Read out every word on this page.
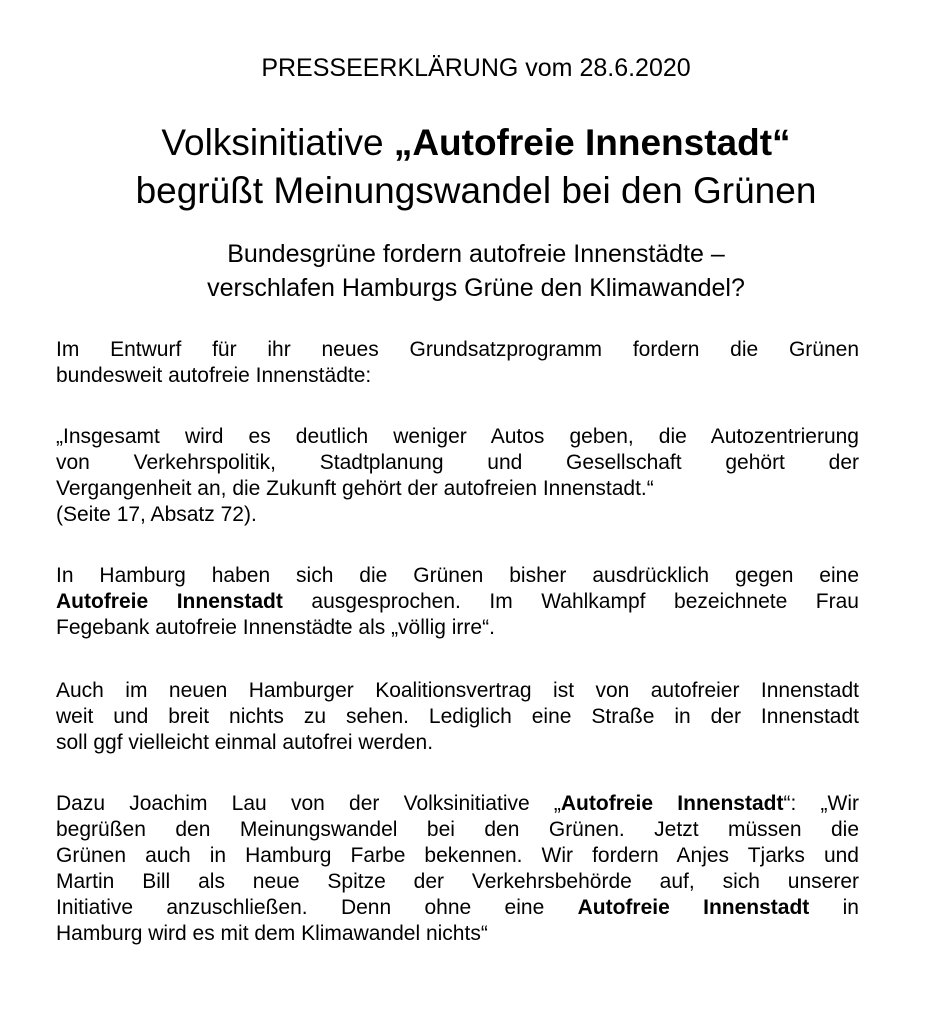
PRESSEERKLÄRUNG vom 28.6.2020
Volksinitiative „Autofreie Innenstadt“
begrüßt Meinungswandel bei den Grünen
Bundesgrüne fordern autofreie Innenstädte –
verschlafen Hamburgs Grüne den Klimawandel?
Im Entwurf für ihr neues Grundsatzprogramm fordern die Grünen
bundesweit autofreie Innenstädte:
„Insgesamt wird es deutlich weniger Autos geben, die Autozentrierung
von Verkehrspolitik, Stadtplanung und Gesellschaft gehört der
Vergangenheit an, die Zukunft gehört der autofreien Innenstadt.“
(Seite 17, Absatz 72).
In Hamburg haben sich die Grünen bisher ausdrücklich gegen eine
Autofreie Innenstadt ausgesprochen. Im Wahlkampf bezeichnete Frau
Fegebank autofreie Innenstädte als „völlig irre“.
Auch im neuen Hamburger Koalitionsvertrag ist von autofreier Innenstadt
weit und breit nichts zu sehen. Lediglich eine Straße in der Innenstadt
soll ggf vielleicht einmal autofrei werden.
Dazu Joachim Lau von der Volksinitiative „Autofreie Innenstadt“: „Wir
begrüßen den Meinungswandel bei den Grünen. Jetzt müssen die
Grünen auch in Hamburg Farbe bekennen. Wir fordern Anjes Tjarks und
Martin Bill als neue Spitze der Verkehrsbehörde auf, sich unserer
Initiative anzuschließen. Denn ohne eine Autofreie Innenstadt in
Hamburg wird es mit dem Klimawandel nichts“
